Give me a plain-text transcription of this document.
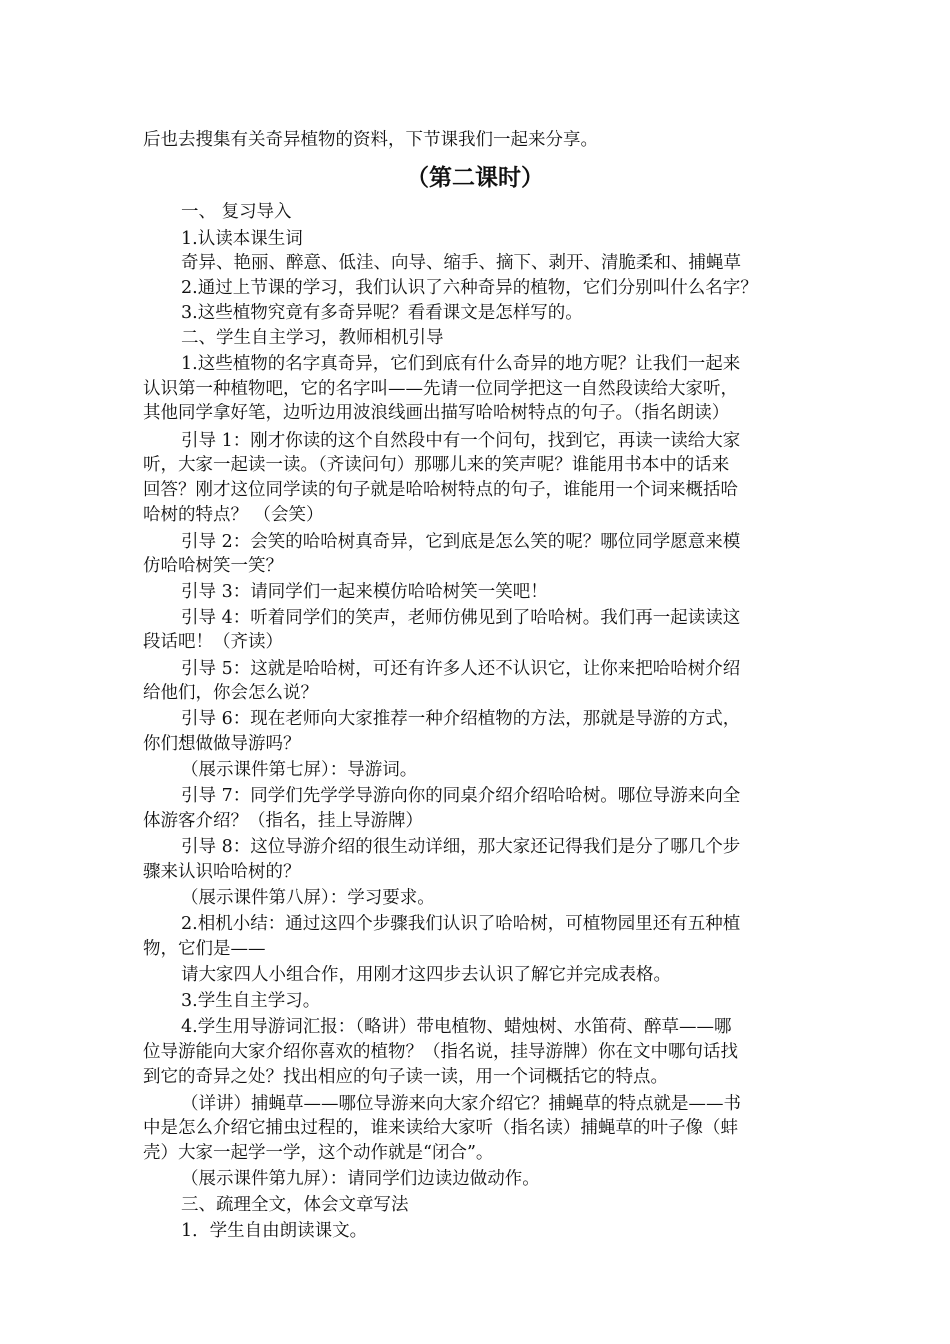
后也去搜集有关奇异植物的资料，下节课我们一起来分享。

（第二课时）

一、 复习导入

1.认读本课生词

奇异、艳丽、醉意、低洼、向导、缩手、摘下、剥开、清脆柔和、捕蝇草

2.通过上节课的学习，我们认识了六种奇异的植物，它们分别叫什么名字？

3.这些植物究竟有多奇异呢？看看课文是怎样写的。

二、学生自主学习，教师相机引导

1.这些植物的名字真奇异，它们到底有什么奇异的地方呢？让我们一起来

认识第一种植物吧，它的名字叫——先请一位同学把这一自然段读给大家听，

其他同学拿好笔，边听边用波浪线画出描写哈哈树特点的句子。（指名朗读）

引导 1：刚才你读的这个自然段中有一个问句，找到它，再读一读给大家

听，大家一起读一读。（齐读问句）那哪儿来的笑声呢？谁能用书本中的话来

回答？刚才这位同学读的句子就是哈哈树特点的句子，谁能用一个词来概括哈

哈树的特点？ （会笑）

引导 2：会笑的哈哈树真奇异，它到底是怎么笑的呢？哪位同学愿意来模

仿哈哈树笑一笑？

引导 3：请同学们一起来模仿哈哈树笑一笑吧！

引导 4：听着同学们的笑声，老师仿佛见到了哈哈树。我们再一起读读这

段话吧！（齐读）

引导 5：这就是哈哈树，可还有许多人还不认识它，让你来把哈哈树介绍

给他们，你会怎么说？

引导 6：现在老师向大家推荐一种介绍植物的方法，那就是导游的方式，

你们想做做导游吗？

（展示课件第七屏）：导游词。

引导 7：同学们先学学导游向你的同桌介绍介绍哈哈树。哪位导游来向全

体游客介绍？（指名，挂上导游牌）

引导 8：这位导游介绍的很生动详细，那大家还记得我们是分了哪几个步

骤来认识哈哈树的？

（展示课件第八屏）：学习要求。

2.相机小结：通过这四个步骤我们认识了哈哈树，可植物园里还有五种植

物，它们是——

请大家四人小组合作，用刚才这四步去认识了解它并完成表格。

3.学生自主学习。

4.学生用导游词汇报：（略讲）带电植物、蜡烛树、水笛荷、醉草——哪

位导游能向大家介绍你喜欢的植物？（指名说，挂导游牌）你在文中哪句话找

到它的奇异之处？找出相应的句子读一读，用一个词概括它的特点。

（详讲）捕蝇草——哪位导游来向大家介绍它？捕蝇草的特点就是——书

中是怎么介绍它捕虫过程的，谁来读给大家听（指名读）捕蝇草的叶子像（蚌

壳）大家一起学一学，这个动作就是“闭合”。

（展示课件第九屏）：请同学们边读边做动作。

三、疏理全文，体会文章写法

1．学生自由朗读课文。
